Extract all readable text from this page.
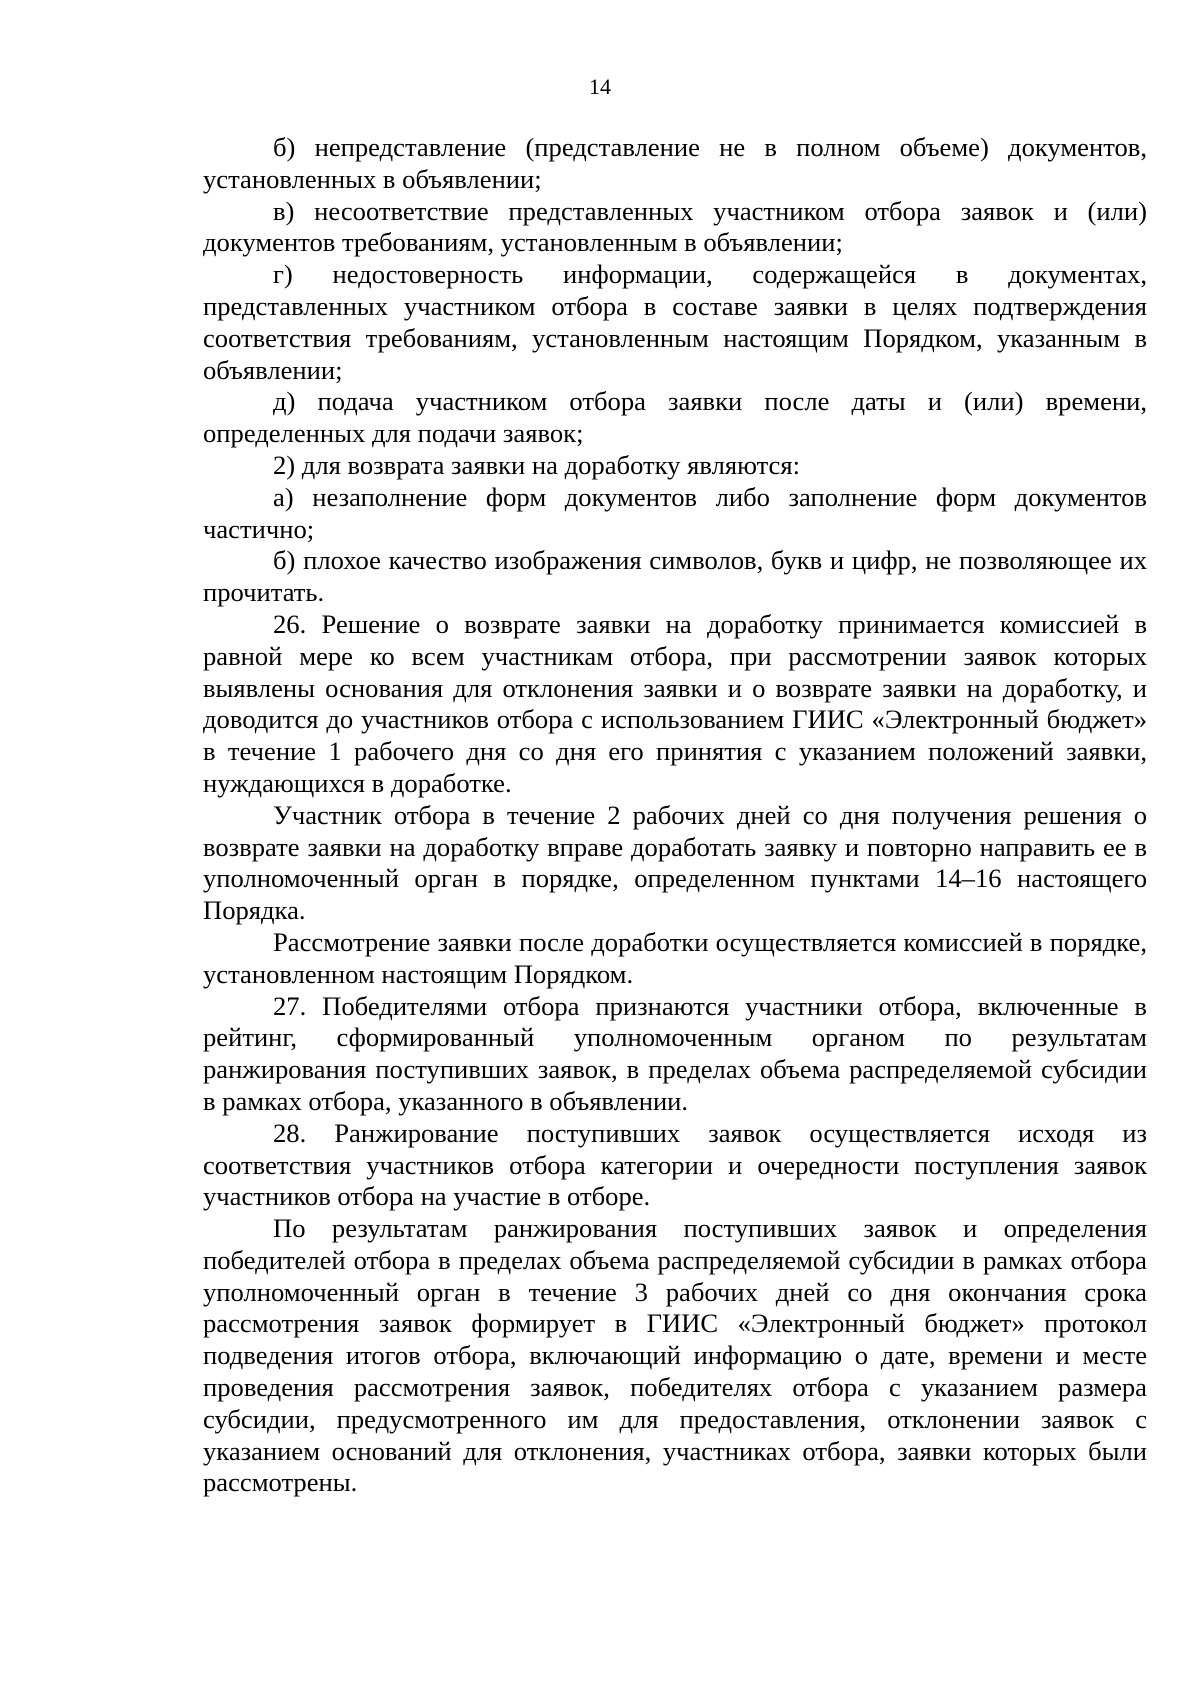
14

б) непредставление (представление не в полном объеме) документов, установленных в объявлении;

в) несоответствие представленных участником отбора заявок и (или) документов требованиям, установленным в объявлении;

г) недостоверность информации, содержащейся в документах, представленных участником отбора в составе заявки в целях подтверждения соответствия требованиям, установленным настоящим Порядком, указанным в объявлении;

д) подача участником отбора заявки после даты и (или) времени, определенных для подачи заявок;

2) для возврата заявки на доработку являются:

а) незаполнение форм документов либо заполнение форм документов частично;

б) плохое качество изображения символов, букв и цифр, не позволяющее их прочитать.

26. Решение о возврате заявки на доработку принимается комиссией в равной мере ко всем участникам отбора, при рассмотрении заявок которых выявлены основания для отклонения заявки и о возврате заявки на доработку, и доводится до участников отбора с использованием ГИИС «Электронный бюджет» в течение 1 рабочего дня со дня его принятия с указанием положений заявки, нуждающихся в доработке.

Участник отбора в течение 2 рабочих дней со дня получения решения о возврате заявки на доработку вправе доработать заявку и повторно направить ее в уполномоченный орган в порядке, определенном пунктами 14–16 настоящего Порядка.

Рассмотрение заявки после доработки осуществляется комиссией в порядке, установленном настоящим Порядком.

27. Победителями отбора признаются участники отбора, включенные в рейтинг, сформированный уполномоченным органом по результатам ранжирования поступивших заявок, в пределах объема распределяемой субсидии в рамках отбора, указанного в объявлении.

28. Ранжирование поступивших заявок осуществляется исходя из соответствия участников отбора категории и очередности поступления заявок участников отбора на участие в отборе.

По результатам ранжирования поступивших заявок и определения победителей отбора в пределах объема распределяемой субсидии в рамках отбора уполномоченный орган в течение 3 рабочих дней со дня окончания срока рассмотрения заявок формирует в ГИИС «Электронный бюджет» протокол подведения итогов отбора, включающий информацию о дате, времени и месте проведения рассмотрения заявок, победителях отбора с указанием размера субсидии, предусмотренного им для предоставления, отклонении заявок с указанием оснований для отклонения, участниках отбора, заявки которых были рассмотрены.
